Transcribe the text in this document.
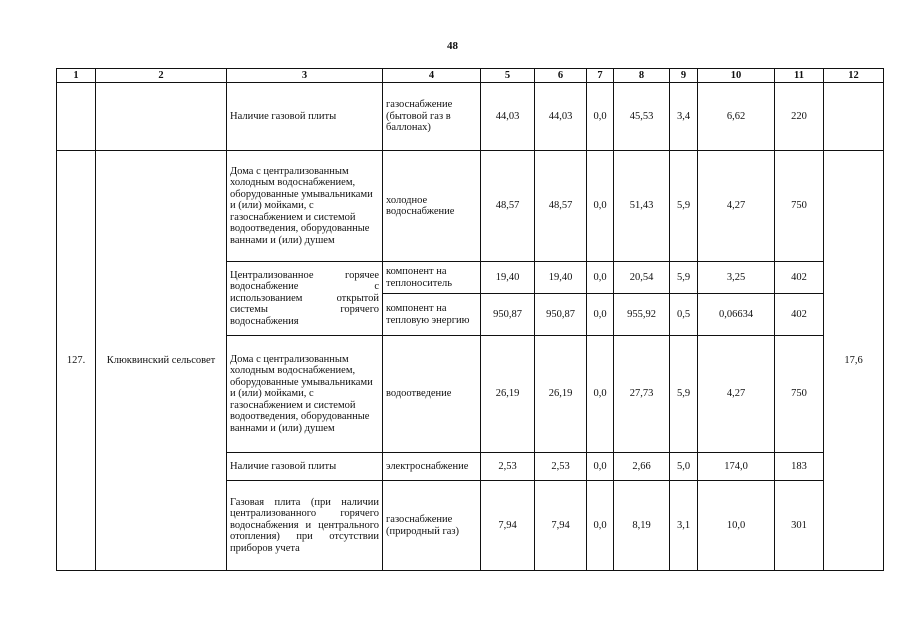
48
1	2	3	4	5	6	7	8	9	10	11	12
		Наличие газовой плиты	газоснабжение (бытовой газ в баллонах)	44,03	44,03	0,0	45,53	3,4	6,62	220	
127.	Клюквинский сельсовет	Дома с централизованным холодным водоснабжением, оборудованные умывальниками и (или) мойками, с газоснабжением и системой водоотведения, оборудованные ваннами и (или) душем	холодное водоснабжение	48,57	48,57	0,0	51,43	5,9	4,27	750	17,6
		Централизованное горячее водоснабжение с использованием открытой системы горячего водоснабжения	компонент на теплоноситель	19,40	19,40	0,0	20,54	5,9	3,25	402	
			компонент на тепловую энергию	950,87	950,87	0,0	955,92	0,5	0,06634	402	
		Дома с централизованным холодным водоснабжением, оборудованные умывальниками и (или) мойками, с газоснабжением и системой водоотведения, оборудованные ваннами и (или) душем	водоотведение	26,19	26,19	0,0	27,73	5,9	4,27	750	
		Наличие газовой плиты	электроснабжение	2,53	2,53	0,0	2,66	5,0	174,0	183	
		Газовая плита (при наличии централизованного горячего водоснабжения и центрального отопления) при отсутствии приборов учета	газоснабжение (природный газ)	7,94	7,94	0,0	8,19	3,1	10,0	301	
